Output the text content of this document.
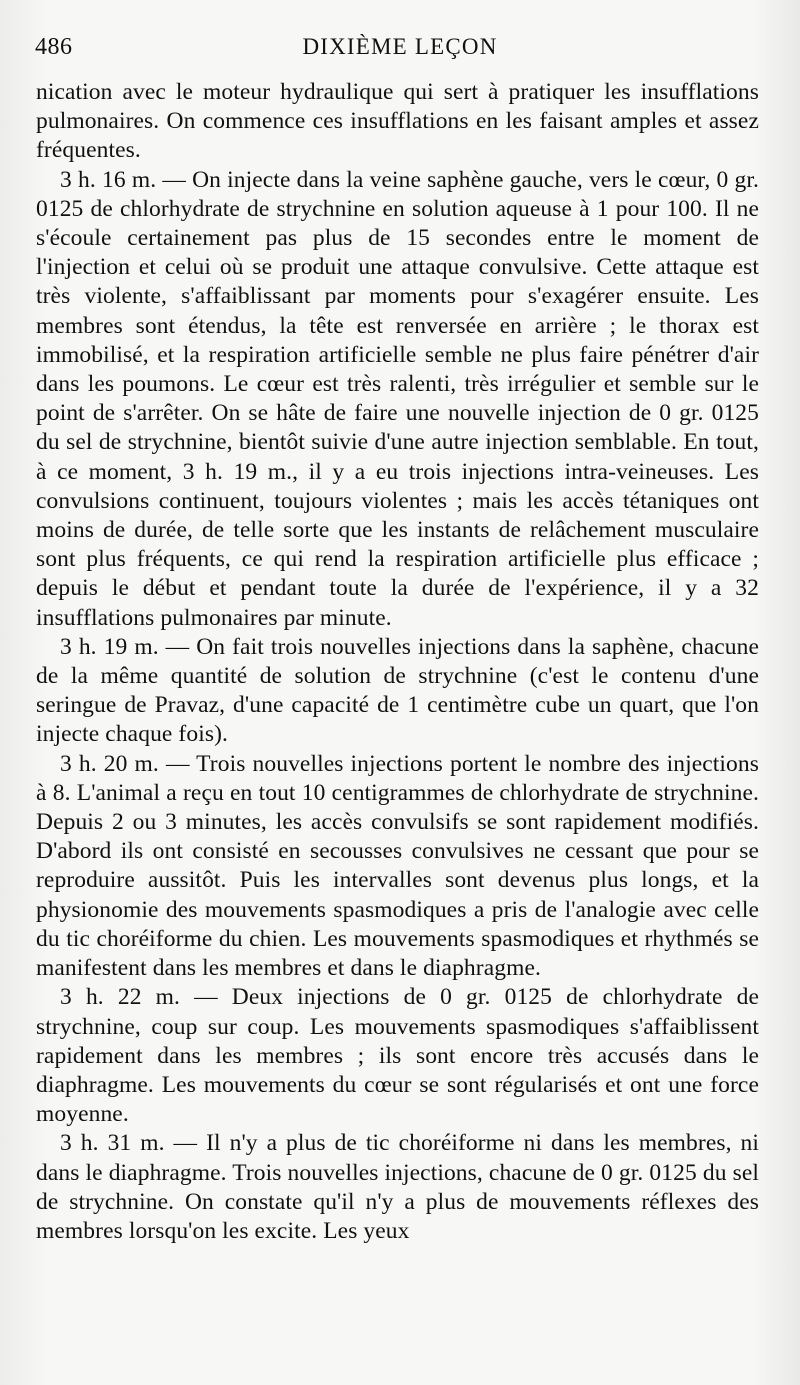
486	DIXIÈME LEÇON

nication avec le moteur hydraulique qui sert à pratiquer les insufflations pulmonaires. On commence ces insufflations en les faisant amples et assez fréquentes.

3 h. 16 m. — On injecte dans la veine saphène gauche, vers le cœur, 0 gr. 0125 de chlorhydrate de strychnine en solution aqueuse à 1 pour 100. Il ne s'écoule certainement pas plus de 15 secondes entre le moment de l'injection et celui où se produit une attaque convulsive. Cette attaque est très violente, s'affaiblissant par moments pour s'exagérer ensuite. Les membres sont étendus, la tête est renversée en arrière ; le thorax est immobilisé, et la respiration artificielle semble ne plus faire pénétrer d'air dans les poumons. Le cœur est très ralenti, très irrégulier et semble sur le point de s'arrêter. On se hâte de faire une nouvelle injection de 0 gr. 0125 du sel de strychnine, bientôt suivie d'une autre injection semblable. En tout, à ce moment, 3 h. 19 m., il y a eu trois injections intra-veineuses. Les convulsions continuent, toujours violentes ; mais les accès tétaniques ont moins de durée, de telle sorte que les instants de relâchement musculaire sont plus fréquents, ce qui rend la respiration artificielle plus efficace ; depuis le début et pendant toute la durée de l'expérience, il y a 32 insufflations pulmonaires par minute.

3 h. 19 m. — On fait trois nouvelles injections dans la saphène, chacune de la même quantité de solution de strychnine (c'est le contenu d'une seringue de Pravaz, d'une capacité de 1 centimètre cube un quart, que l'on injecte chaque fois).

3 h. 20 m. — Trois nouvelles injections portent le nombre des injections à 8. L'animal a reçu en tout 10 centigrammes de chlorhydrate de strychnine. Depuis 2 ou 3 minutes, les accès convulsifs se sont rapidement modifiés. D'abord ils ont consisté en secousses convulsives ne cessant que pour se reproduire aussitôt. Puis les intervalles sont devenus plus longs, et la physionomie des mouvements spasmodiques a pris de l'analogie avec celle du tic choréiforme du chien. Les mouvements spasmodiques et rhythmés se manifestent dans les membres et dans le diaphragme.

3 h. 22 m. — Deux injections de 0 gr. 0125 de chlorhydrate de strychnine, coup sur coup. Les mouvements spasmodiques s'affaiblissent rapidement dans les membres ; ils sont encore très accusés dans le diaphragme. Les mouvements du cœur se sont régularisés et ont une force moyenne.

3 h. 31 m. — Il n'y a plus de tic choréiforme ni dans les membres, ni dans le diaphragme. Trois nouvelles injections, chacune de 0 gr. 0125 du sel de strychnine. On constate qu'il n'y a plus de mouvements réflexes des membres lorsqu'on les excite. Les yeux
